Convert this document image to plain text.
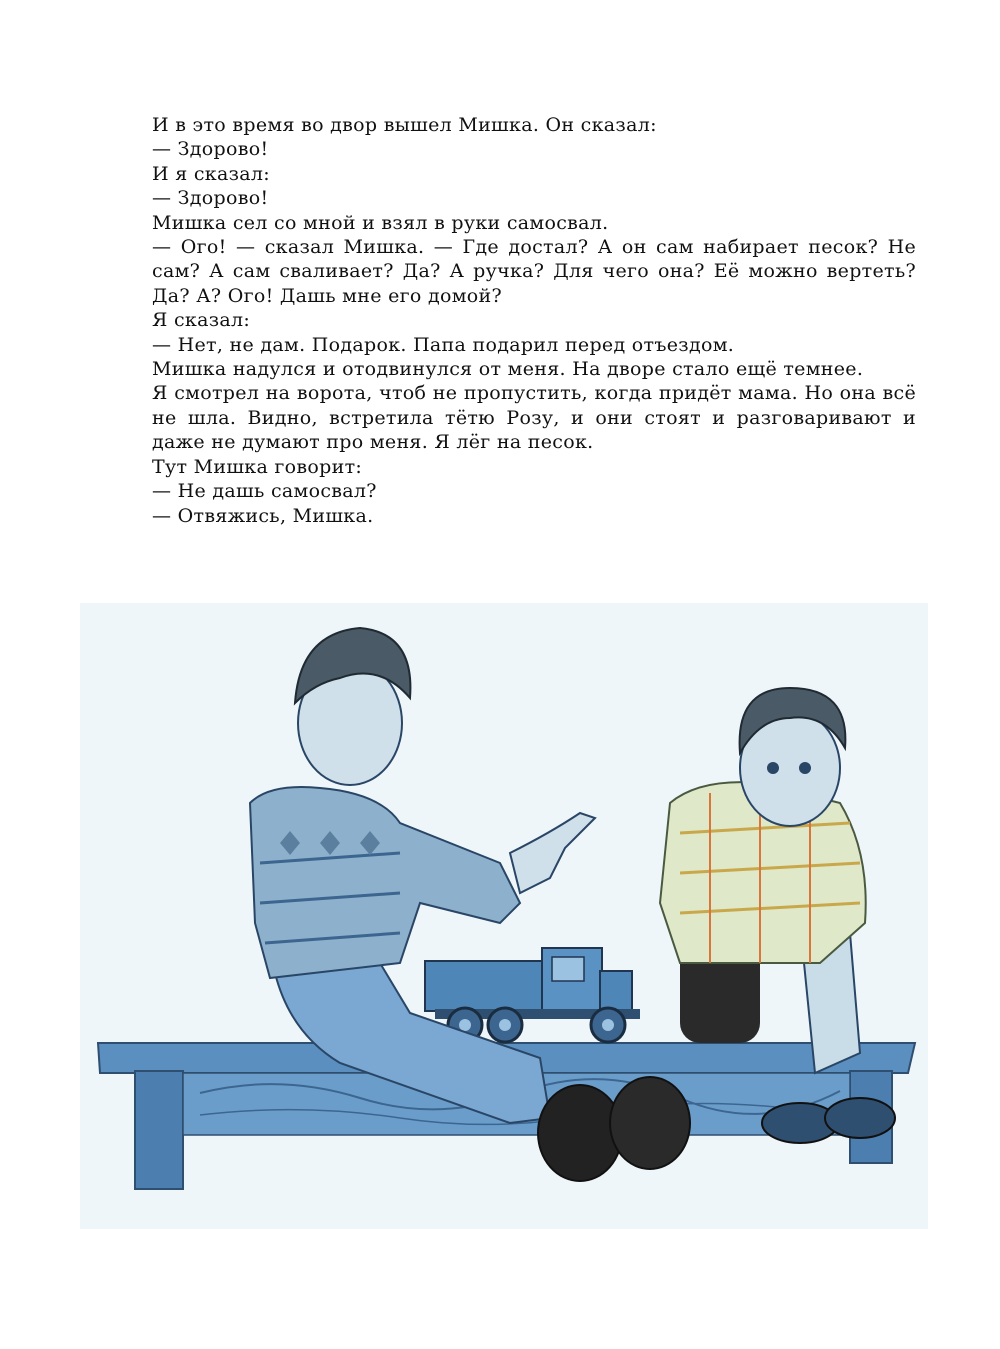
И в это время во двор вышел Мишка. Он сказал:

— Здорово!

И я сказал:

— Здорово!

Мишка сел со мной и взял в руки самосвал.

— Ого! — сказал Мишка. — Где достал? А он сам набирает песок? Не сам? А сам сваливает? Да? А ручка? Для чего она? Её можно вертеть? Да? А? Ого! Дашь мне его домой?

Я сказал:

— Нет, не дам. Подарок. Папа подарил перед отъездом.

Мишка надулся и отодвинулся от меня. На дворе стало ещё темнее.

Я смотрел на ворота, чтоб не пропустить, когда придёт мама. Но она всё не шла. Видно, встретила тётю Розу, и они стоят и разговаривают и даже не думают про меня. Я лёг на песок.

Тут Мишка говорит:

— Не дашь самосвал?

— Отвяжись, Мишка.
